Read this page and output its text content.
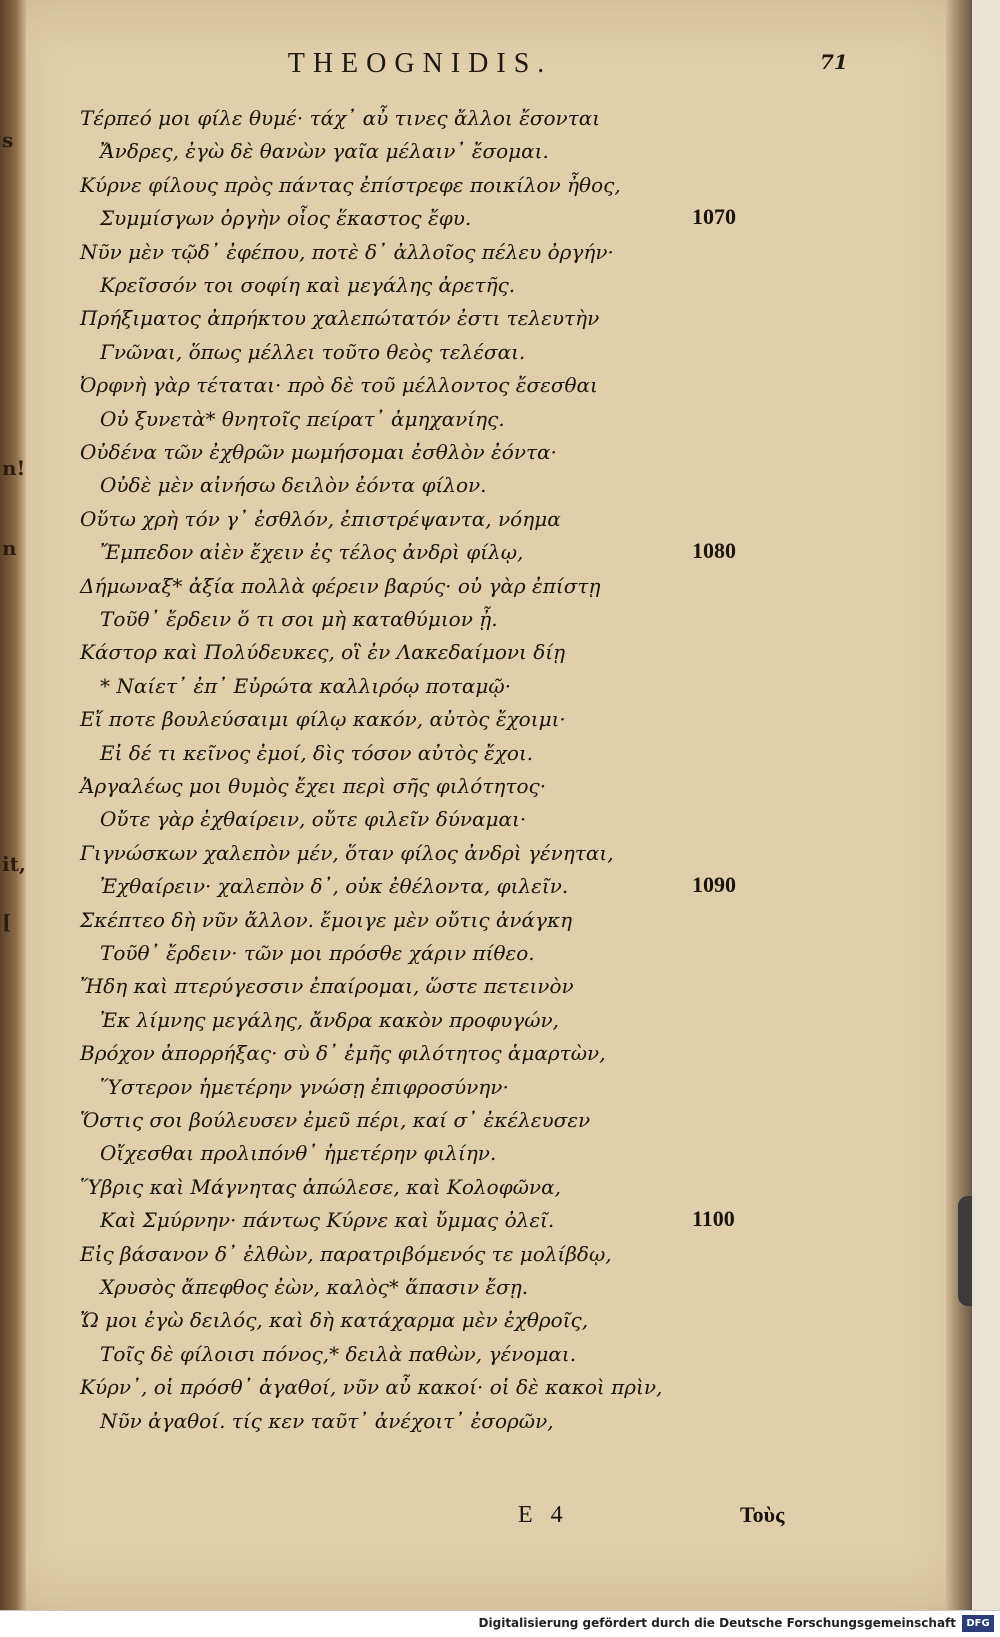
s
n!
n
it,
[
THEOGNIDIS.	71
Τέρπεό μοι φίλε θυμέ· τάχ᾽ αὖ τινες ἄλλοι ἔσονται
Ἄνδρες, ἐγὼ δὲ θανὼν γαῖα μέλαιν᾽ ἔσομαι.
Κύρνε φίλους πρὸς πάντας ἐπίστρεφε ποικίλον ἦθος,
Συμμίσγων ὀργὴν οἷος ἕκαστος ἔφυ.
Νῦν μὲν τῷδ᾽ ἐφέπου, ποτὲ δ᾽ ἀλλοῖος πέλευ ὀργήν·
Κρεῖσσόν τοι σοφίη καὶ μεγάλης ἀρετῆς.
Πρήξιματος ἀπρήκτου χαλεπώτατόν ἐστι τελευτὴν
Γνῶναι, ὅπως μέλλει τοῦτο θεὸς τελέσαι.
Ὀρφνὴ γὰρ τέταται· πρὸ δὲ τοῦ μέλλοντος ἔσεσθαι
Οὐ ξυνετὰ* θνητοῖς πείρατ᾽ ἀμηχανίης.
Οὐδένα τῶν ἐχθρῶν μωμήσομαι ἐσθλὸν ἐόντα·
Οὐδὲ μὲν αἰνήσω δειλὸν ἐόντα φίλον.
Οὕτω χρὴ τόν γ᾽ ἐσθλόν, ἐπιστρέψαντα, νόημα
Ἔμπεδον αἰὲν ἔχειν ἐς τέλος ἀνδρὶ φίλῳ,
Δήμωναξ* ἀξία πολλὰ φέρειν βαρύς· οὐ γὰρ ἐπίστῃ
Τοῦθ᾽ ἔρδειν ὅ τι σοι μὴ καταθύμιον ᾖ.
Κάστορ καὶ Πολύδευκες, οἳ ἐν Λακεδαίμονι δίῃ
* Ναίετ᾽ ἐπ᾽ Εὐρώτα καλλιρόῳ ποταμῷ·
Εἴ ποτε βουλεύσαιμι φίλῳ κακόν, αὐτὸς ἔχοιμι·
Εἰ δέ τι κεῖνος ἐμοί, δὶς τόσον αὐτὸς ἔχοι.
Ἀργαλέως μοι θυμὸς ἔχει περὶ σῆς φιλότητος·
Οὔτε γὰρ ἐχθαίρειν, οὔτε φιλεῖν δύναμαι·
Γιγνώσκων χαλεπὸν μέν, ὅταν φίλος ἀνδρὶ γένηται,
Ἐχθαίρειν· χαλεπὸν δ᾽, οὐκ ἐθέλοντα, φιλεῖν.
Σκέπτεο δὴ νῦν ἄλλον. ἔμοιγε μὲν οὔτις ἀνάγκη
Τοῦθ᾽ ἔρδειν· τῶν μοι πρόσθε χάριν πίθεο.
Ἤδη καὶ πτερύγεσσιν ἐπαίρομαι, ὥστε πετεινὸν
Ἐκ λίμνης μεγάλης, ἄνδρα κακὸν προφυγών,
Βρόχον ἀπορρήξας· σὺ δ᾽ ἐμῆς φιλότητος ἁμαρτὼν,
Ὕστερον ἡμετέρην γνώσῃ ἐπιφροσύνην·
Ὅστις σοι βούλευσεν ἐμεῦ πέρι, καί σ᾽ ἐκέλευσεν
Οἴχεσθαι προλιπόνθ᾽ ἡμετέρην φιλίην.
Ὕβρις καὶ Μάγνητας ἀπώλεσε, καὶ Κολοφῶνα,
Καὶ Σμύρνην· πάντως Κύρνε καὶ ὔμμας ὀλεῖ.
Εἰς βάσανον δ᾽ ἐλθὼν, παρατριβόμενός τε μολίβδῳ,
Χρυσὸς ἄπεφθος ἐὼν, καλὸς* ἅπασιν ἔσῃ.
Ὤ μοι ἐγὼ δειλός, καὶ δὴ κατάχαρμα μὲν ἐχθροῖς,
Τοῖς δὲ φίλοισι πόνος,* δειλὰ παθὼν, γένομαι.
Κύρν᾽, οἱ πρόσθ᾽ ἀγαθοί, νῦν αὖ κακοί· οἱ δὲ κακοὶ πρὶν,
Νῦν ἀγαθοί. τίς κεν ταῦτ᾽ ἀνέχοιτ᾽ ἐσορῶν,
1070
1080
1090
1100
E 4	Τοὺς
Digitalisierung gefördert durch die Deutsche Forschungsgemeinschaft	DFG
